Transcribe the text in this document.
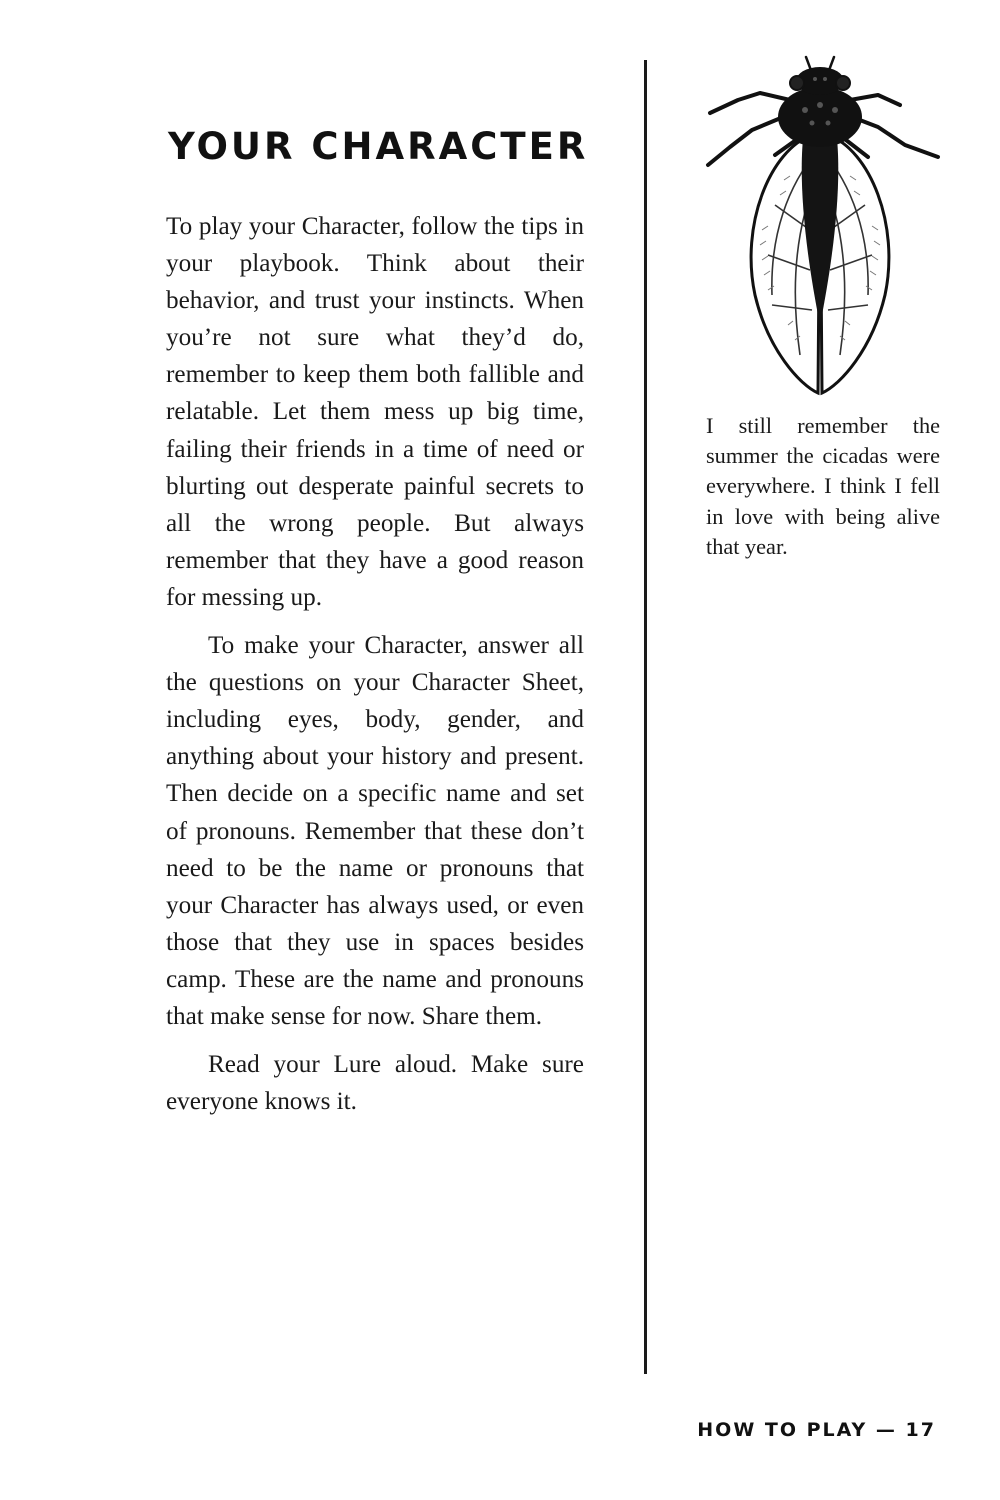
YOUR CHARACTER

To play your Character, follow the tips in your playbook. Think about their behavior, and trust your instincts. When you’re not sure what they’d do, remember to keep them both fallible and relatable. Let them mess up big time, failing their friends in a time of need or blurting out desperate painful secrets to all the wrong people. But always remember that they have a good reason for messing up.

To make your Character, answer all the questions on your Character Sheet, including eyes, body, gender, and anything about your history and present. Then decide on a specific name and set of pronouns. Remember that these don’t need to be the name or pronouns that your Character has always used, or even those that they use in spaces besides camp. These are the name and pronouns that make sense for now. Share them.

Read your Lure aloud. Make sure everyone knows it.

I still remember the summer the cicadas were everywhere. I think I fell in love with being alive that year.
HOW TO PLAY — 17
